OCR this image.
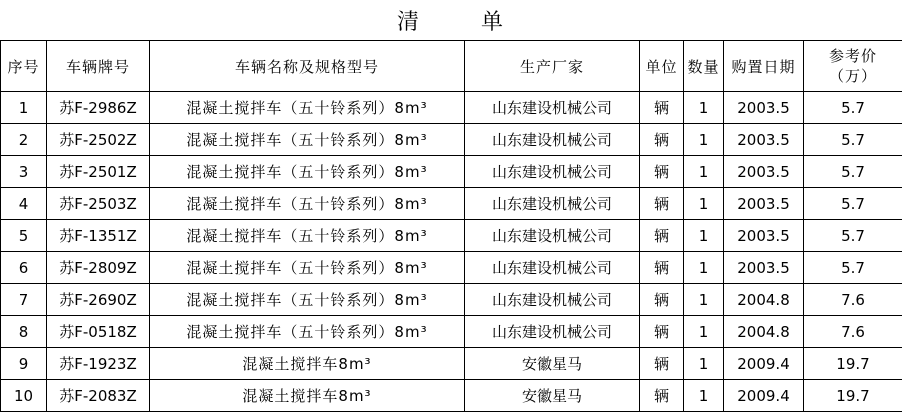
清	单
序号	车辆牌号	车辆名称及规格型号	生产厂家	单位	数量	购置日期	参考价
（万）

1	苏F-2986Z	混凝土搅拌车（五十铃系列）8m³	山东建设机械公司	辆	1	2003.5	5.7
2	苏F-2502Z	混凝土搅拌车（五十铃系列）8m³	山东建设机械公司	辆	1	2003.5	5.7
3	苏F-2501Z	混凝土搅拌车（五十铃系列）8m³	山东建设机械公司	辆	1	2003.5	5.7
4	苏F-2503Z	混凝土搅拌车（五十铃系列）8m³	山东建设机械公司	辆	1	2003.5	5.7
5	苏F-1351Z	混凝土搅拌车（五十铃系列）8m³	山东建设机械公司	辆	1	2003.5	5.7
6	苏F-2809Z	混凝土搅拌车（五十铃系列）8m³	山东建设机械公司	辆	1	2003.5	5.7
7	苏F-2690Z	混凝土搅拌车（五十铃系列）8m³	山东建设机械公司	辆	1	2004.8	7.6
8	苏F-0518Z	混凝土搅拌车（五十铃系列）8m³	山东建设机械公司	辆	1	2004.8	7.6
9	苏F-1923Z	混凝土搅拌车8m³	安徽星马	辆	1	2009.4	19.7
10	苏F-2083Z	混凝土搅拌车8m³	安徽星马	辆	1	2009.4	19.7
